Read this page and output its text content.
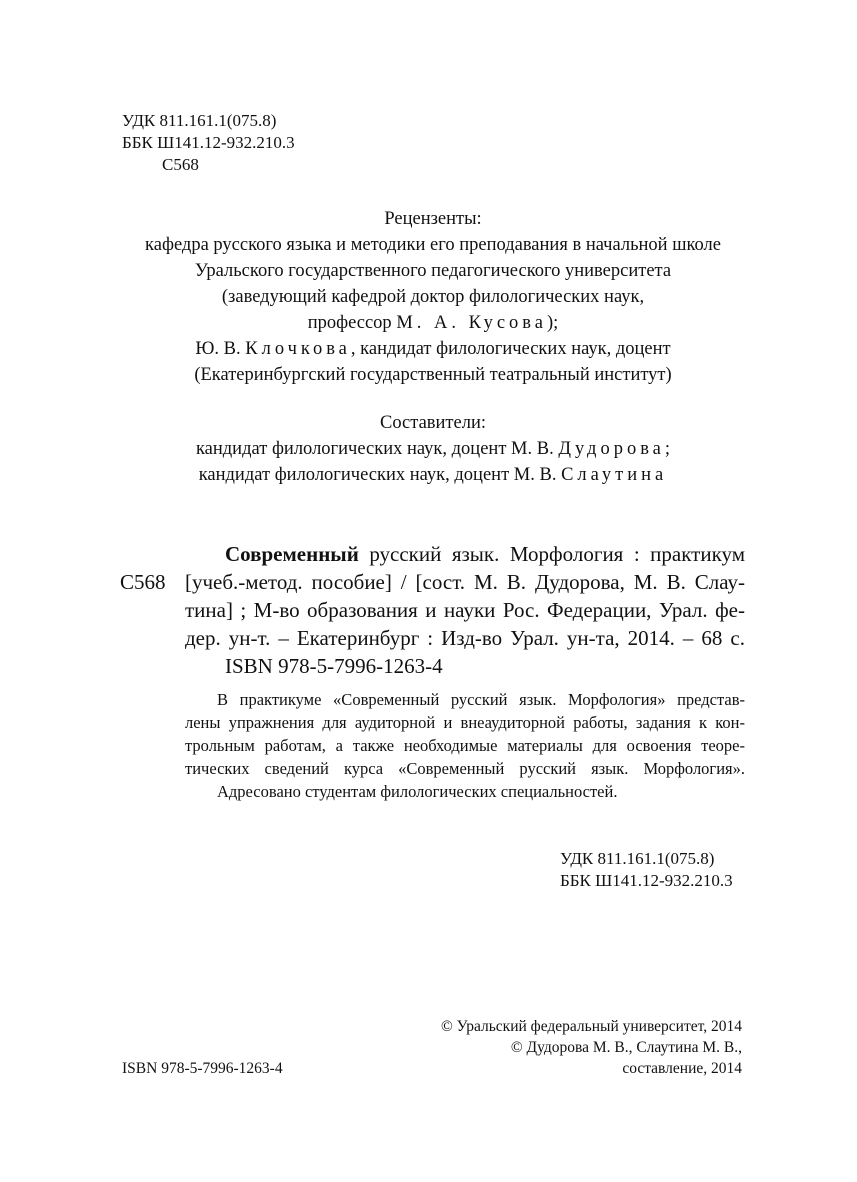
УДК 811.161.1(075.8)
ББК Ш141.12-932.210.3
С568
Рецензенты:
кафедра русского языка и методики его преподавания в начальной школе
Уральского государственного педагогического университета
(заведующий кафедрой доктор филологических наук,
профессор М. А. Кусова);
Ю. В. Клочкова, кандидат филологических наук, доцент
(Екатеринбургский государственный театральный институт)
Составители:
кандидат филологических наук, доцент М. В. Дудорова;
кандидат филологических наук, доцент М. В. Слаутина
Современный русский язык. Морфология : практикум
С568 [учеб.-метод. пособие] / [сост. М. В. Дудорова, М. В. Слау-
тина] ; М-во образования и науки Рос. Федерации, Урал. фе-
дер. ун-т. – Екатеринбург : Изд-во Урал. ун-та, 2014. – 68 с.
ISBN 978-5-7996-1263-4
В практикуме «Современный русский язык. Морфология» представ-
лены упражнения для аудиторной и внеаудиторной работы, задания к кон-
трольным работам, а также необходимые материалы для освоения теоре-
тических сведений курса «Современный русский язык. Морфология».
Адресовано студентам филологических специальностей.
УДК 811.161.1(075.8)
ББК Ш141.12-932.210.3
© Уральский федеральный университет, 2014
© Дудорова М. В., Слаутина М. В.,
составление, 2014
ISBN 978-5-7996-1263-4
